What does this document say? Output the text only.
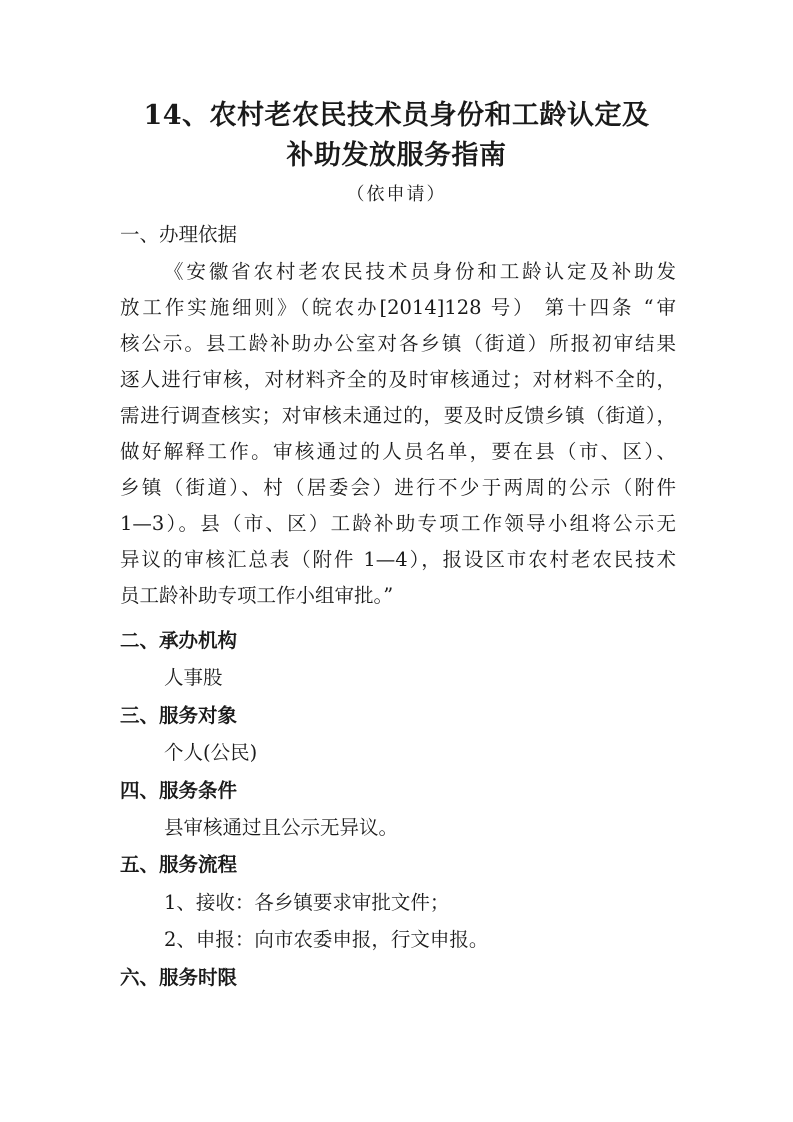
14、农村老农民技术员身份和工龄认定及
补助发放服务指南
（依申请）
一、办理依据
《安徽省农村老农民技术员身份和工龄认定及补助发
放工作实施细则》（皖农办[2014]128 号） 第十四条 “审
核公示。县工龄补助办公室对各乡镇（街道）所报初审结果
逐人进行审核，对材料齐全的及时审核通过；对材料不全的，
需进行调查核实；对审核未通过的，要及时反馈乡镇（街道），
做好解释工作。审核通过的人员名单，要在县（市、区）、
乡镇（街道）、村（居委会）进行不少于两周的公示（附件
1—3）。县（市、区）工龄补助专项工作领导小组将公示无
异议的审核汇总表（附件 1—4），报设区市农村老农民技术
员工龄补助专项工作小组审批。”
二、承办机构
人事股
三、服务对象
个人(公民)
四、服务条件
县审核通过且公示无异议。
五、服务流程
1、接收：各乡镇要求审批文件；
2、申报：向市农委申报，行文申报。
六、服务时限
